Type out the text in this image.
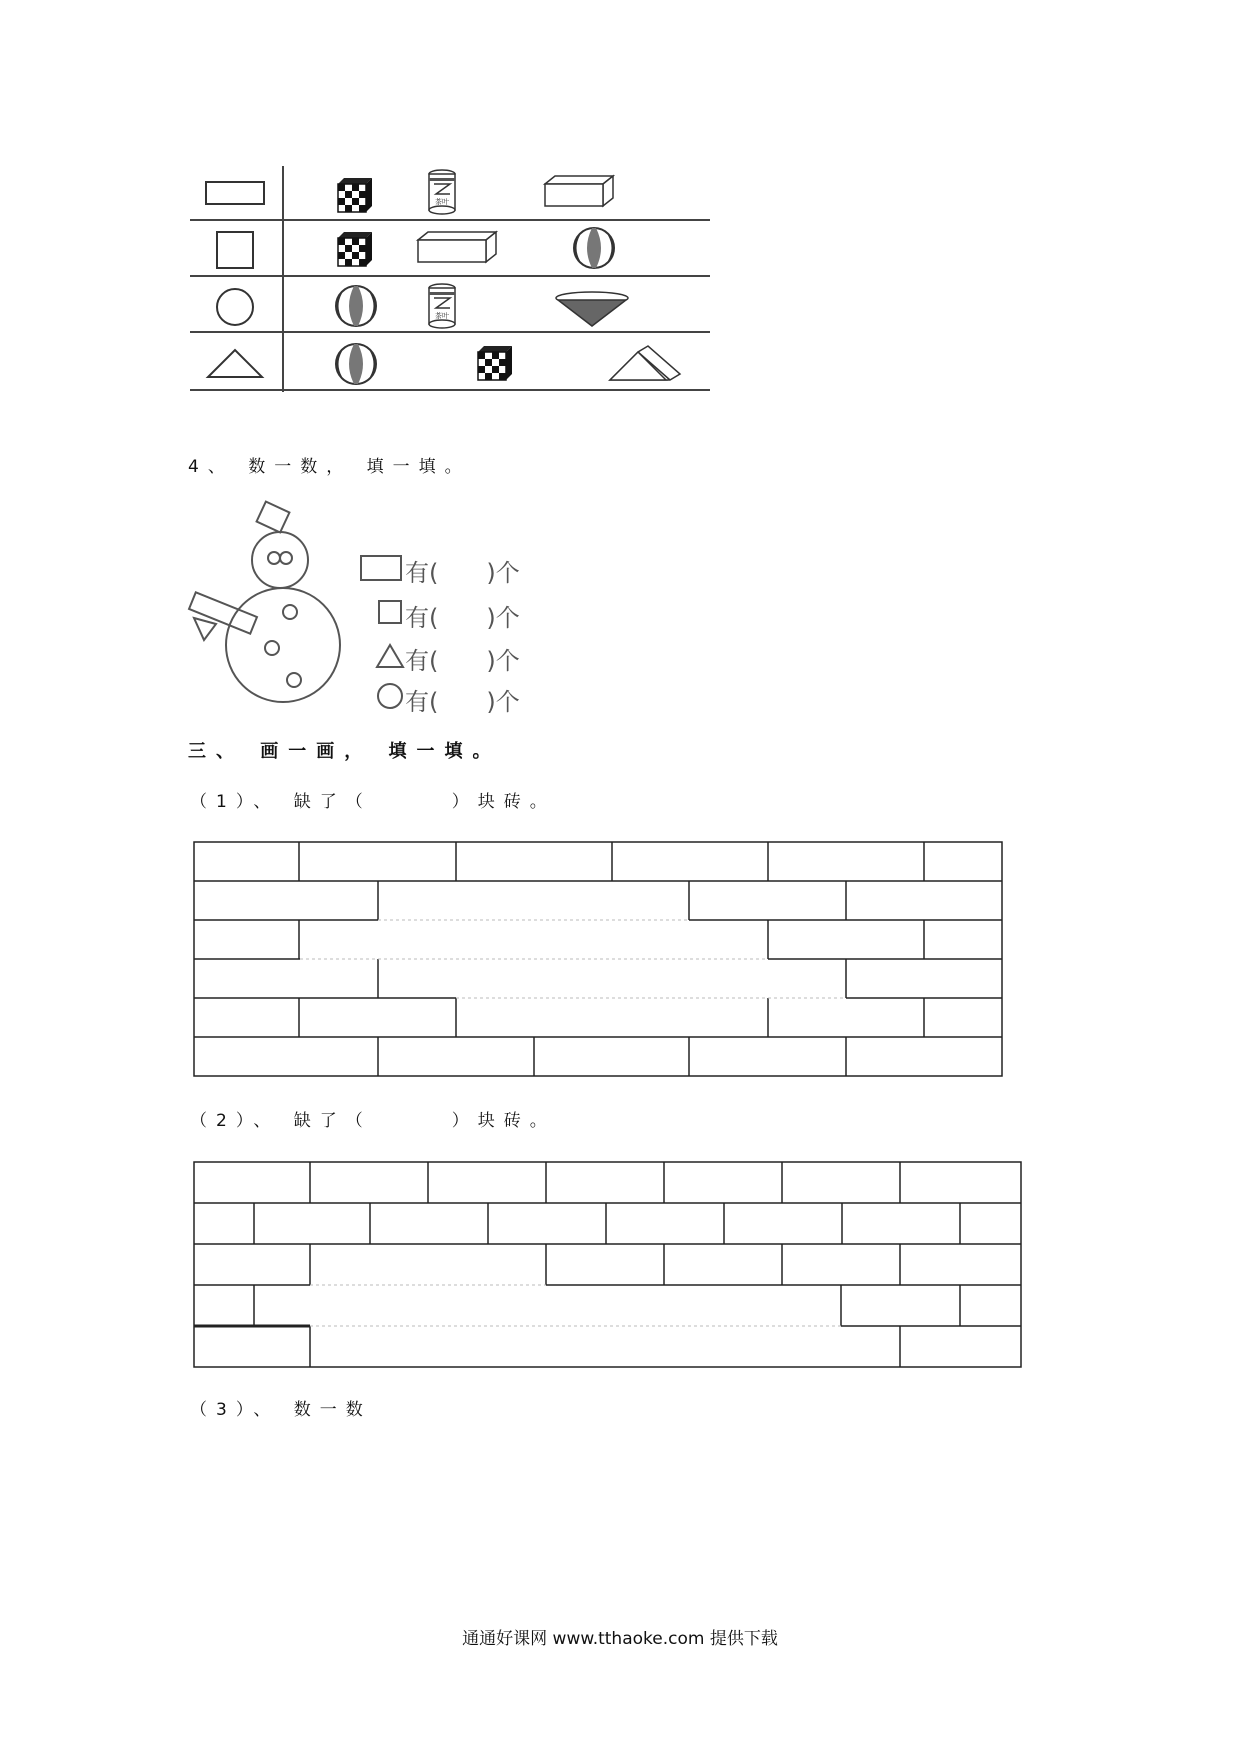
茶叶
茶叶
4、 数一数， 填一填。
有( )个
有( )个
有( )个
有( )个
三、 画一画， 填一填。
（1）、 缺了（	）块砖。
（2）、 缺了（	）块砖。
（3）、 数一数
通通好课网 www.tthaoke.com 提供下载
